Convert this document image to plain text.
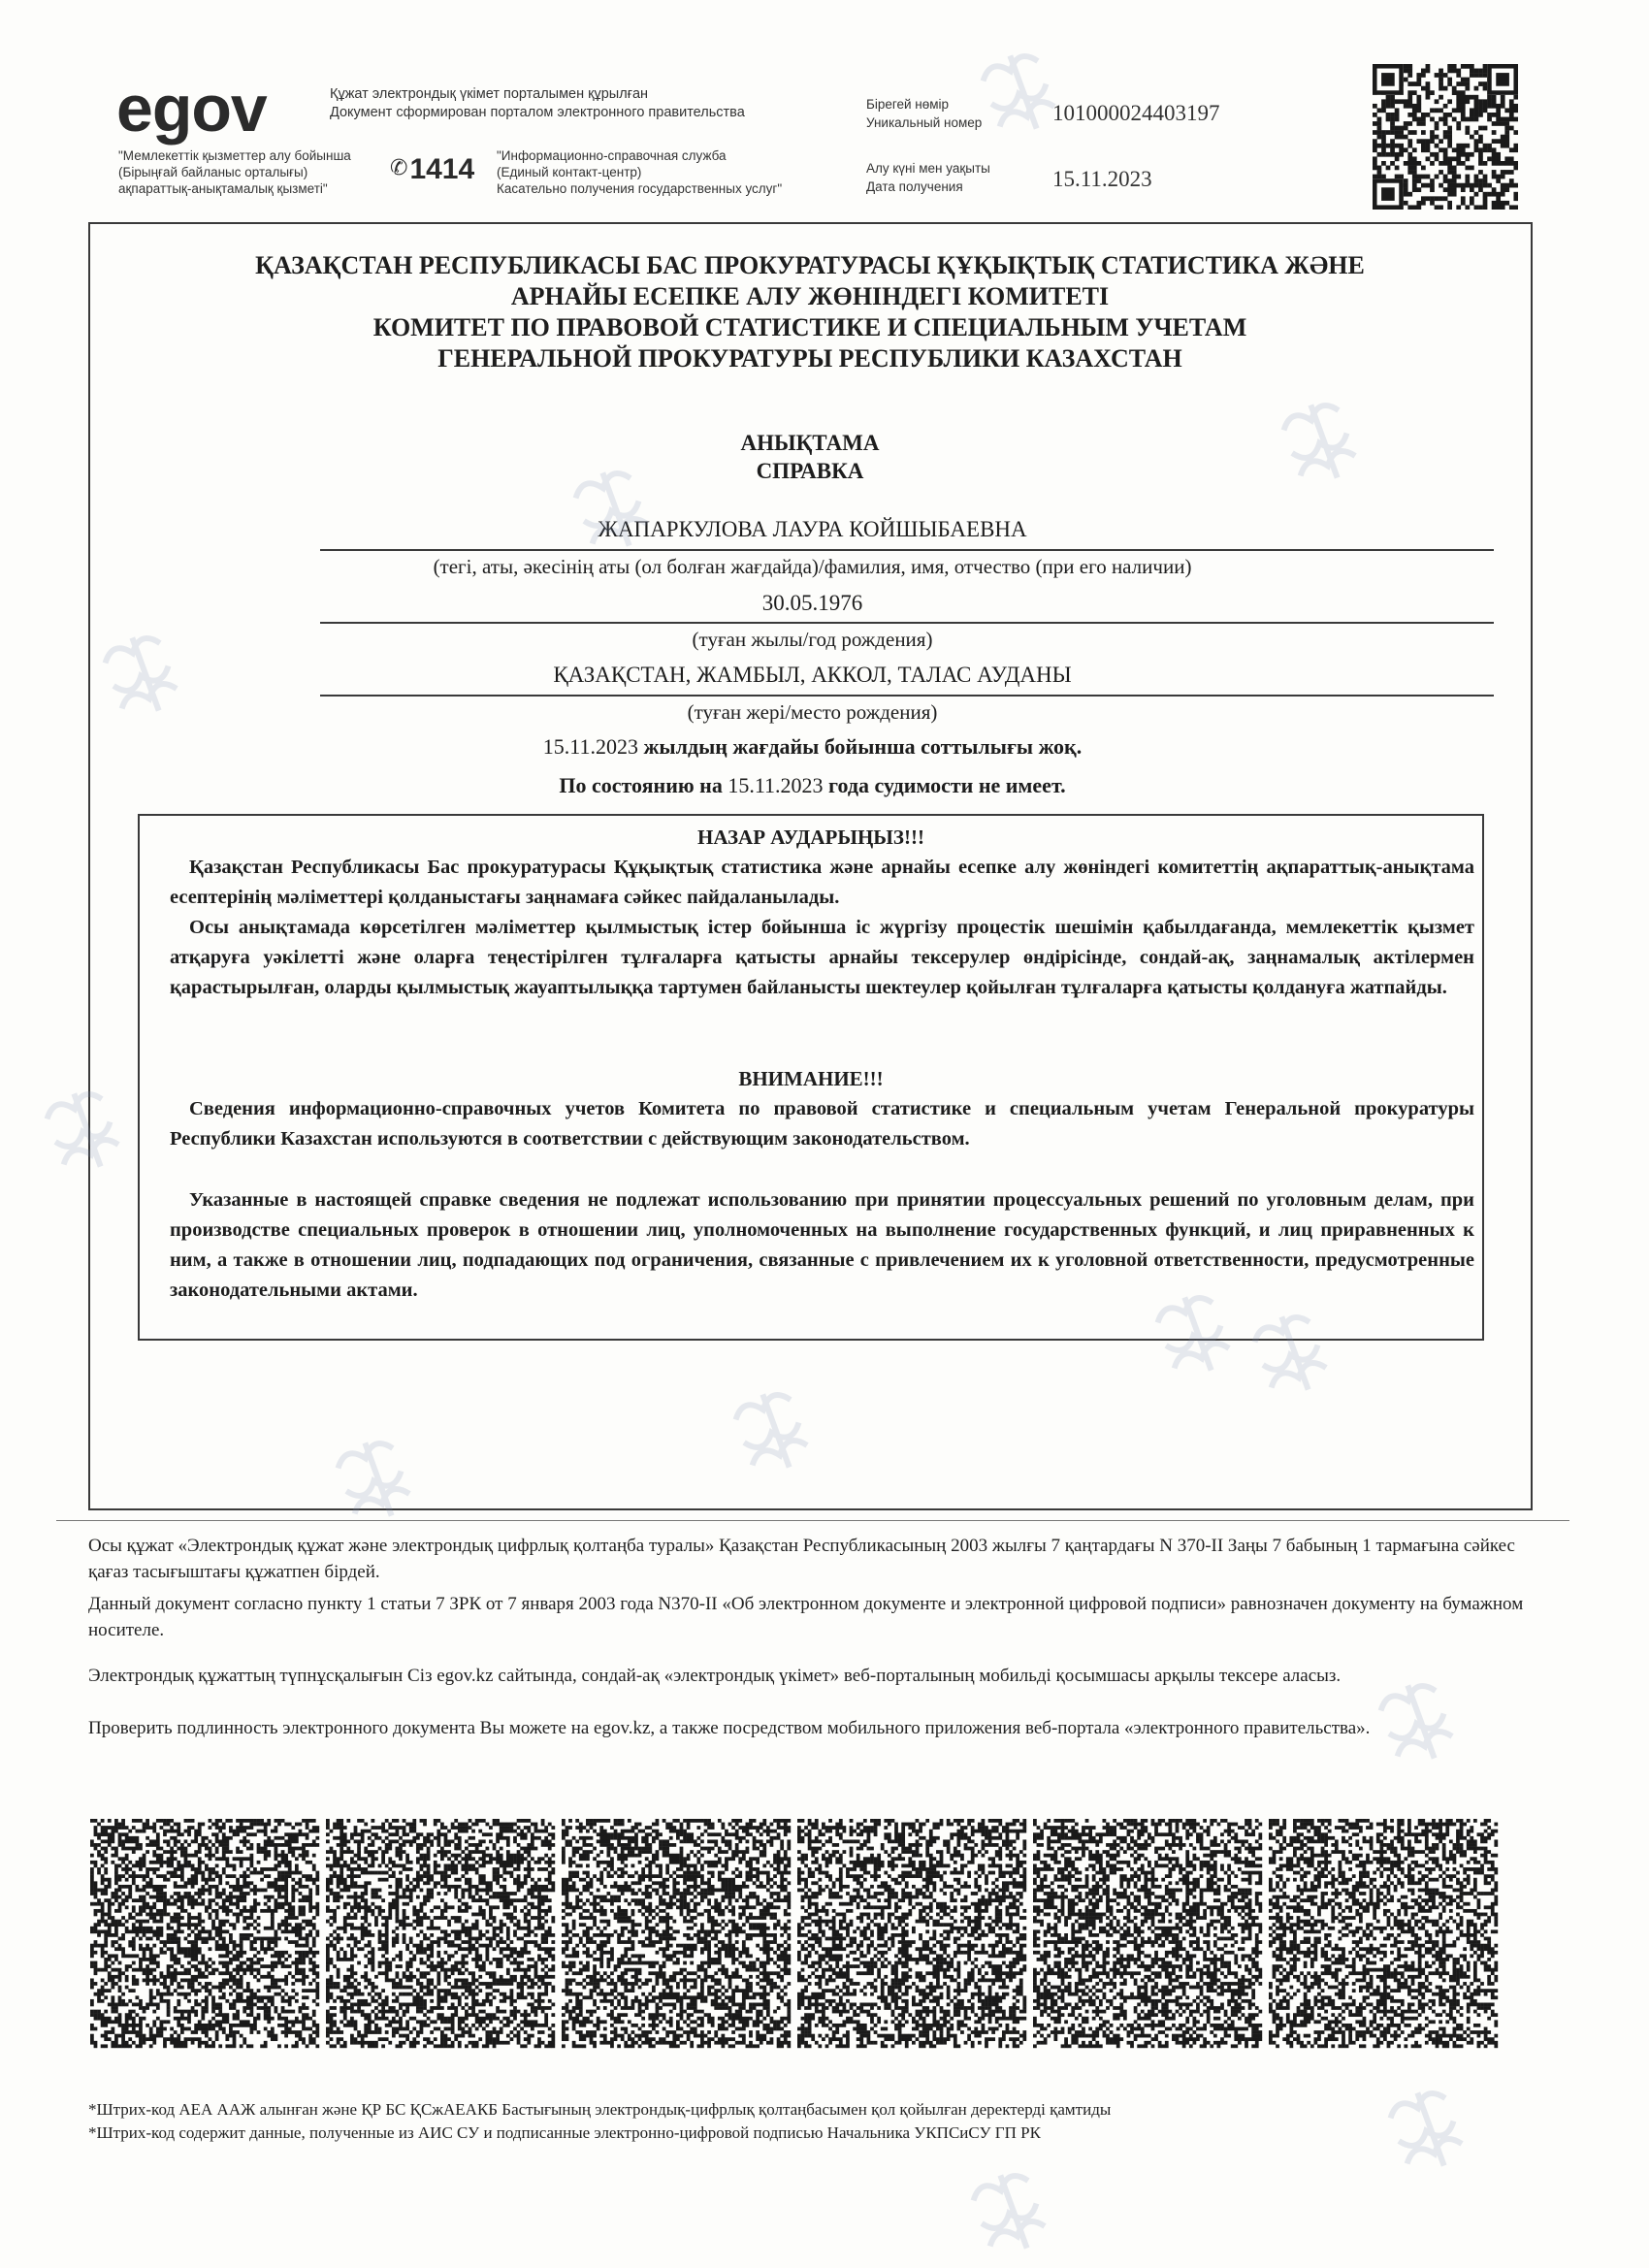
egov	Құжат электрондық үкімет порталымен құрылған
Документ сформирован порталом электронного правительства
"Мемлекеттік қызметтер алу бойынша
(Бірыңғай байланыс орталығы)
ақпараттық-анықтамалық қызметі"
✆1414 "Информационно-справочная служба
(Единый контакт-центр)
Касательно получения государственных услуг"
Бірегей нөмір
Уникальный номер	101000024403197
Алу күні мен уақыты
Дата получения	15.11.2023
ҚАЗАҚСТАН РЕСПУБЛИКАСЫ БАС ПРОКУРАТУРАСЫ ҚҰҚЫҚТЫҚ СТАТИСТИКА ЖӘНЕ
АРНАЙЫ ЕСЕПКЕ АЛУ ЖӨНІНДЕГІ КОМИТЕТІ
КОМИТЕТ ПО ПРАВОВОЙ СТАТИСТИКЕ И СПЕЦИАЛЬНЫМ УЧЕТАМ
ГЕНЕРАЛЬНОЙ ПРОКУРАТУРЫ РЕСПУБЛИКИ КАЗАХСТАН
АНЫҚТАМА
СПРАВКА
ЖАПАРКУЛОВА ЛАУРА КОЙШЫБАЕВНА
(тегі, аты, әкесінің аты (ол болған жағдайда)/фамилия, имя, отчество (при его наличии)
30.05.1976
(туған жылы/год рождения)
ҚАЗАҚСТАН, ЖАМБЫЛ, АККОЛ, ТАЛАС АУДАНЫ
(туған жері/место рождения)
15.11.2023 жылдың жағдайы бойынша соттылығы жоқ.
По состоянию на 15.11.2023 года судимости не имеет.
НАЗАР АУДАРЫҢЫЗ!!!

Қазақстан Республикасы Бас прокуратурасы Құқықтық статистика және арнайы есепке алу жөніндегі комитеттің ақпараттық-анықтама есептерінің мәліметтері қолданыстағы заңнамаға сәйкес пайдаланылады.

Осы анықтамада көрсетілген мәліметтер қылмыстық істер бойынша іс жүргізу процестік шешімін қабылдағанда, мемлекеттік қызмет атқаруға уәкілетті және оларға теңестірілген тұлғаларға қатысты арнайы тексерулер өндірісінде, сондай-ақ, заңнамалық актілермен қарастырылған, оларды қылмыстық жауаптылыққа тартумен байланысты шектеулер қойылған тұлғаларға қатысты қолдануға жатпайды.

ВНИМАНИЕ!!!

Сведения информационно-справочных учетов Комитета по правовой статистике и специальным учетам Генеральной прокуратуры Республики Казахстан используются в соответствии с действующим законодательством.

Указанные в настоящей справке сведения не подлежат использованию при принятии процессуальных решений по уголовным делам, при производстве специальных проверок в отношении лиц, уполномоченных на выполнение государственных функций, и лиц приравненных к ним, а также в отношении лиц, подпадающих под ограничения, связанные с привлечением их к уголовной ответственности, предусмотренные законодательными актами.

Осы құжат «Электрондық құжат және электрондық цифрлық қолтаңба туралы» Қазақстан Республикасының 2003 жылғы 7 қаңтардағы N 370-II Заңы 7 бабының 1 тармағына сәйкес қағаз тасығыштағы құжатпен бірдей.

Данный документ согласно пункту 1 статьи 7 ЗРК от 7 января 2003 года N370-II «Об электронном документе и электронной цифровой подписи» равнозначен документу на бумажном носителе.

Электрондық құжаттың түпнұсқалығын Сіз egov.kz сайтында, сондай-ақ «электрондық үкімет» веб-порталының мобильді қосымшасы арқылы тексере аласыз.

Проверить подлинность электронного документа Вы можете на egov.kz, а также посредством мобильного приложения веб-портала «электронного правительства».

*Штрих-код АЕА ААЖ алынған және ҚР БС ҚСжАЕАКБ Бастығының электрондық-цифрлық қолтаңбасымен қол қойылған деректерді қамтиды
*Штрих-код содержит данные, полученные из АИС СУ и подписанные электронно-цифровой подписью Начальника УКПСиСУ ГП РК
